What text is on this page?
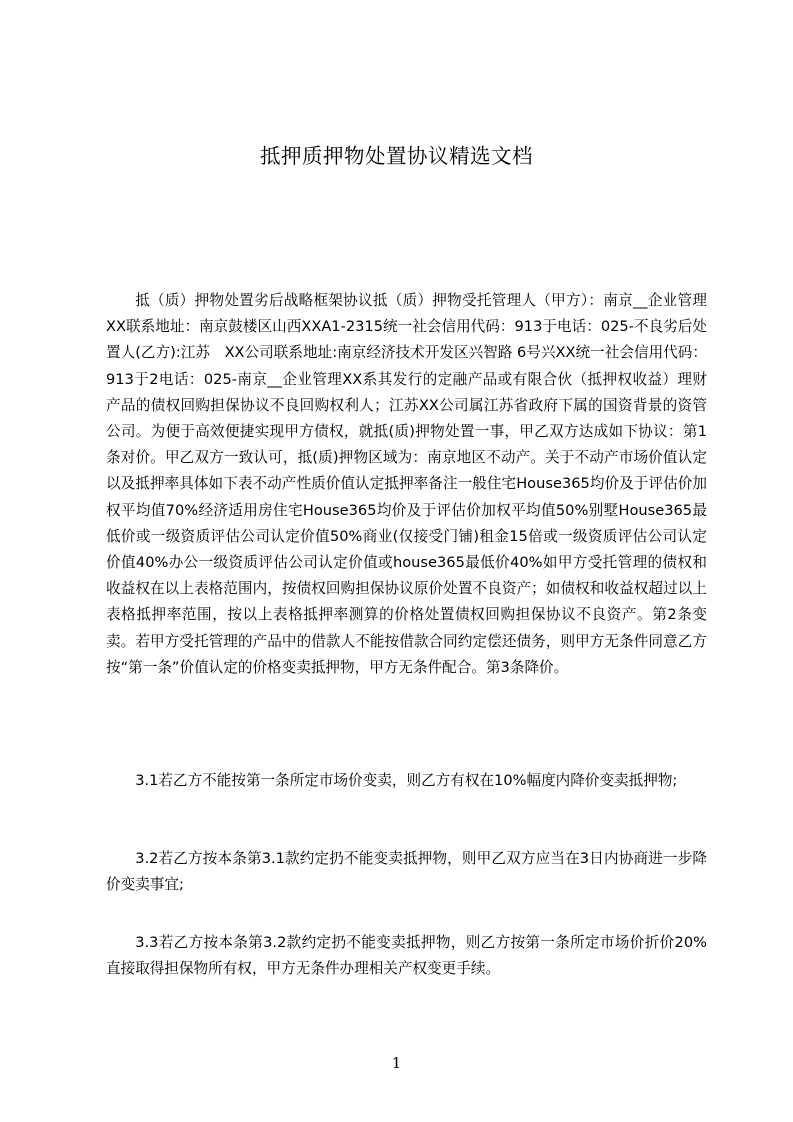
抵押质押物处置协议精选文档

抵（质）押物处置劣后战略框架协议抵（质）押物受托管理人（甲方）：南京__企业管理XX联系地址：南京鼓楼区山西XXA1-2315统一社会信用代码：913于电话：025-不良劣后处置人(乙方):江苏　XX公司联系地址:南京经济技术开发区兴智路 6号兴XX统一社会信用代码：913于2电话：025-南京__企业管理XX系其发行的定融产品或有限合伙（抵押权收益）理财产品的债权回购担保协议不良回购权利人；江苏XX公司属江苏省政府下属的国资背景的资管公司。为便于高效便捷实现甲方债权，就抵(质)押物处置一事，甲乙双方达成如下协议：第1条对价。甲乙双方一致认可，抵(质)押物区域为：南京地区不动产。关于不动产市场价值认定以及抵押率具体如下表不动产性质价值认定抵押率备注一般住宅House365均价及于评估价加权平均值70%经济适用房住宅House365均价及于评估价加权平均值50%别墅House365最低价或一级资质评估公司认定价值50%商业(仅接受门铺)租金15倍或一级资质评估公司认定价值40%办公一级资质评估公司认定价值或house365最低价40%如甲方受托管理的债权和收益权在以上表格范围内，按债权回购担保协议原价处置不良资产；如债权和收益权超过以上表格抵押率范围，按以上表格抵押率测算的价格处置债权回购担保协议不良资产。第2条变卖。若甲方受托管理的产品中的借款人不能按借款合同约定偿还债务，则甲方无条件同意乙方按“第一条”价值认定的价格变卖抵押物，甲方无条件配合。第3条降价。

3.1若乙方不能按第一条所定市场价变卖，则乙方有权在10%幅度内降价变卖抵押物;

3.2若乙方按本条第3.1款约定扔不能变卖抵押物，则甲乙双方应当在3日内协商进一步降价变卖事宜;

3.3若乙方按本条第3.2款约定扔不能变卖抵押物，则乙方按第一条所定市场价折价20%直接取得担保物所有权，甲方无条件办理相关产权变更手续。

1
